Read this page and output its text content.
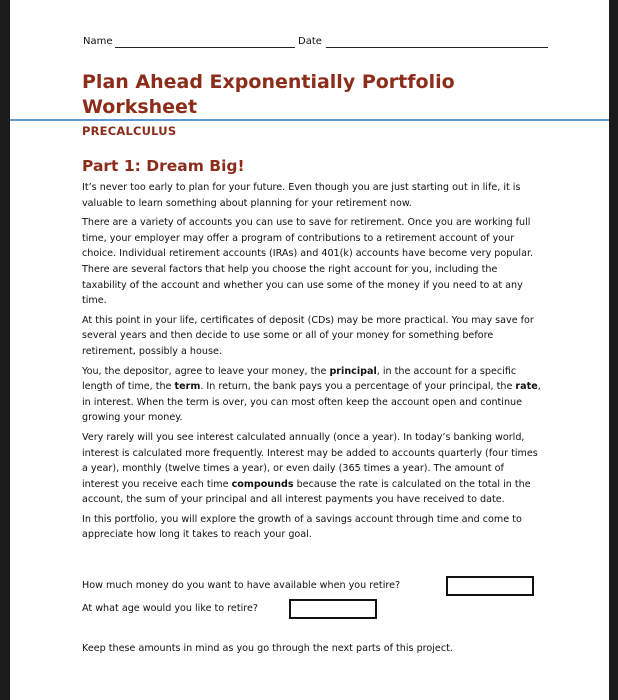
Name	Date
Plan Ahead Exponentially Portfolio Worksheet
PRECALCULUS
Part 1: Dream Big!

It’s never too early to plan for your future. Even though you are just starting out in life, it is valuable to learn something about planning for your retirement now.

There are a variety of accounts you can use to save for retirement. Once you are working full time, your employer may offer a program of contributions to a retirement account of your choice. Individual retirement accounts (IRAs) and 401(k) accounts have become very popular. There are several factors that help you choose the right account for you, including the taxability of the account and whether you can use some of the money if you need to at any time.

At this point in your life, certificates of deposit (CDs) may be more practical. You may save for several years and then decide to use some or all of your money for something before retirement, possibly a house.

You, the depositor, agree to leave your money, the principal, in the account for a specific length of time, the term. In return, the bank pays you a percentage of your principal, the rate, in interest. When the term is over, you can most often keep the account open and continue growing your money.

Very rarely will you see interest calculated annually (once a year). In today’s banking world, interest is calculated more frequently. Interest may be added to accounts quarterly (four times a year), monthly (twelve times a year), or even daily (365 times a year). The amount of interest you receive each time compounds because the rate is calculated on the total in the account, the sum of your principal and all interest payments you have received to date.

In this portfolio, you will explore the growth of a savings account through time and come to appreciate how long it takes to reach your goal.

How much money do you want to have available when you retire?
At what age would you like to retire?

Keep these amounts in mind as you go through the next parts of this project.
